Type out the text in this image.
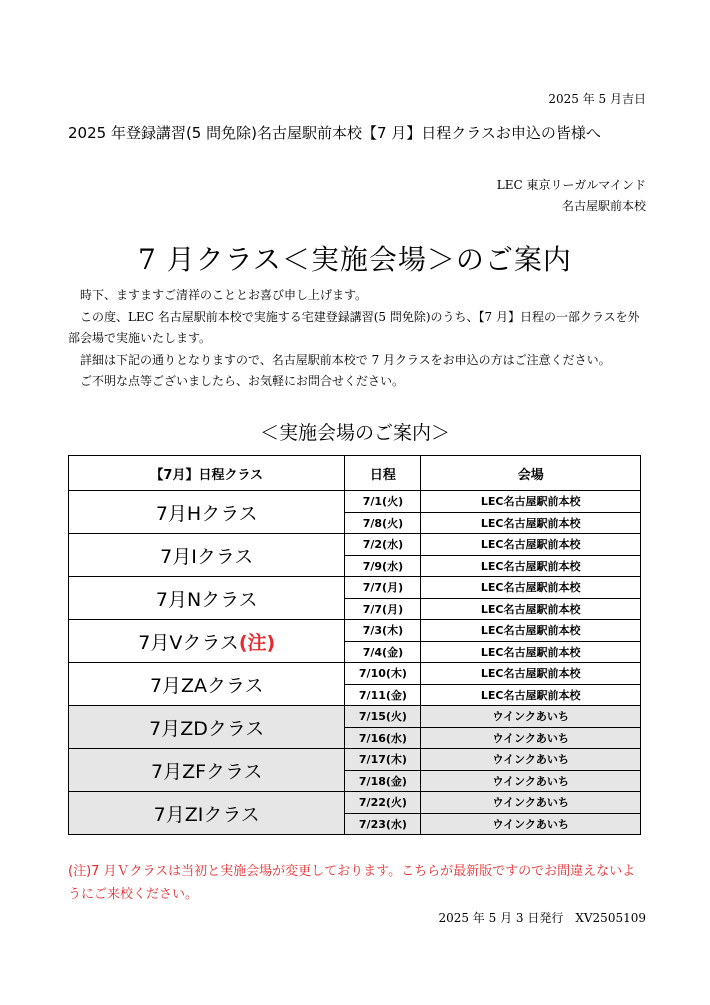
2025 年 5 月吉日
2025 年登録講習(5 問免除)名古屋駅前本校【7 月】日程クラスお申込の皆様へ
LEC 東京リーガルマインド
名古屋駅前本校
7 月クラス＜実施会場＞のご案内

時下、ますますご清祥のこととお喜び申し上げます。

この度、LEC 名古屋駅前本校で実施する宅建登録講習(5 問免除)のうち、【7 月】日程の一部クラスを外部会場で実施いたします。

詳細は下記の通りとなりますので、名古屋駅前本校で 7 月クラスをお申込の方はご注意ください。

ご不明な点等ございましたら、お気軽にお問合せください。

＜実施会場のご案内＞
【7月】日程クラス	日程	会場
7月Hクラス	7/1(火)	LEC名古屋駅前本校
	7/8(火)	LEC名古屋駅前本校
7月Iクラス	7/2(水)	LEC名古屋駅前本校
	7/9(水)	LEC名古屋駅前本校
7月Nクラス	7/7(月)	LEC名古屋駅前本校
	7/7(月)	LEC名古屋駅前本校
7月Vクラス(注)	7/3(木)	LEC名古屋駅前本校
	7/4(金)	LEC名古屋駅前本校
7月ZAクラス	7/10(木)	LEC名古屋駅前本校
	7/11(金)	LEC名古屋駅前本校
7月ZDクラス	7/15(火)	ウインクあいち
	7/16(水)	ウインクあいち
7月ZFクラス	7/17(木)	ウインクあいち
	7/18(金)	ウインクあいち
7月ZIクラス	7/22(火)	ウインクあいち
	7/23(水)	ウインクあいち
(注)7 月Ｖクラスは当初と実施会場が変更しております。こちらが最新版ですのでお間違えないようにご来校ください。
2025 年 5 月 3 日発行　XV2505109
